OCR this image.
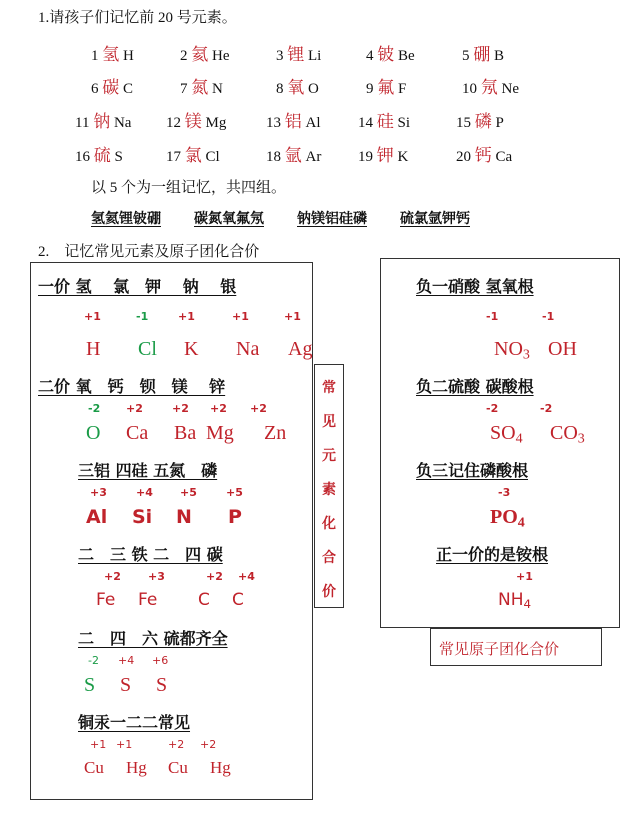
1.请孩子们记忆前 20 号元素。
1 氢 H	2 氦 He	3 锂 Li	4 铍 Be	5 硼 B
6 碳 C	7 氮 N	8 氧 O	9 氟 F	10 氖 Ne
11 钠 Na 12 镁 Mg	13 铝 Al	14 硅 Si	15 磷 P
16 硫 S	17 氯 Cl	18 氩 Ar 19 钾 K	20 钙 Ca
以 5 个为一组记忆，共四组。
氢氦锂铍硼 碳氮氧氟氖 钠镁铝硅磷 硫氯氩钾钙
2.　记忆常见元素及原子团化合价
常
见
元
素
化
合
价
常见原子团化合价
一价 氢　 氯　钾　 钠　 银
+1	-1	+1	+1	+1
H Cl K Na Ag
二价 氧　钙　钡　镁　 锌
-2 +2	+2 +2 +2
O Ca Ba Mg Zn
三铝 四硅 五氮　磷
+3	+4 +5	+5
Al Si N P
二　三 铁 二　四 碳
+2 +3	+2 +4
Fe Fe C C
二　四　六 硫都齐全
-2 +4 +6
S S S
铜汞一二二常见
+1 +1	+2 +2
Cu Hg Cu Hg
负一硝酸 氢氧根
-1	-1
NO3 OH
负二硫酸 碳酸根
-2	-2
SO4 CO3
负三记住磷酸根
-3
PO4
正一价的是铵根
+1
NH4
